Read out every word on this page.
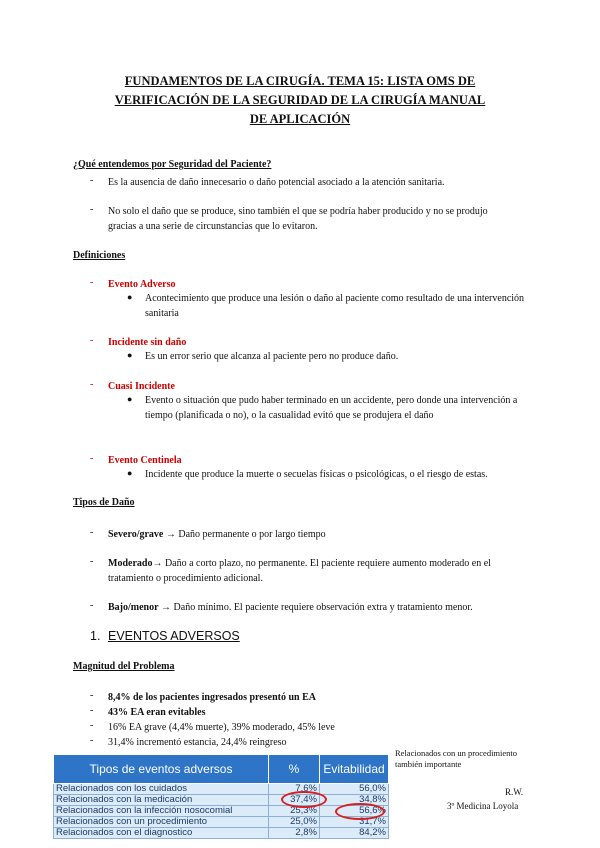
FUNDAMENTOS DE LA CIRUGÍA. TEMA 15: LISTA OMS DE
VERIFICACIÓN DE LA SEGURIDAD DE LA CIRUGÍA MANUAL
DE APLICACIÓN
¿Qué entendemos por Seguridad del Paciente?
- Es la ausencia de daño innecesario o daño potencial asociado a la atención sanitaria.
- No solo el daño que se produce, sino también el que se podría haber producido y no se produjo gracias a una serie de circunstancias que lo evitaron.
Definiciones
- Evento Adverso
● Acontecimiento que produce una lesión o daño al paciente como resultado de una intervención sanitaria
- Incidente sin daño
● Es un error serio que alcanza al paciente pero no produce daño.
- Cuasi Incidente
● Evento o situación que pudo haber terminado en un accidente, pero donde una intervención a tiempo (planificada o no), o la casualidad evitó que se produjera el daño
- Evento Centinela
● Incidente que produce la muerte o secuelas físicas o psicológicas, o el riesgo de estas.
Tipos de Daño
- Severo/grave → Daño permanente o por largo tiempo
- Moderado→ Daño a corto plazo, no permanente. El paciente requiere aumento moderado en el tratamiento o procedimiento adicional.
- Bajo/menor → Daño mínimo. El paciente requiere observación extra y tratamiento menor.
1. EVENTOS ADVERSOS
Magnitud del Problema
- 8,4% de los pacientes ingresados presentó un EA
- 43% EA eran evitables
- 16% EA grave (4,4% muerte), 39% moderado, 45% leve
- 31,4% incrementó estancia, 24,4% reingreso
Tipos de eventos adversos	%	Evitabilidad
Relacionados con los cuidados	7,6%	56,0%
Relacionados con la medicación	37,4%	34,8%
Relacionados con la infección nosocomial	25,3%	56,6%
Relacionados con un procedimiento	25,0%	31,7%
Relacionados con el diagnostico	2,8%	84,2%
Relacionados con un procedimiento también importante
R.W.
3º Medicina Loyola
